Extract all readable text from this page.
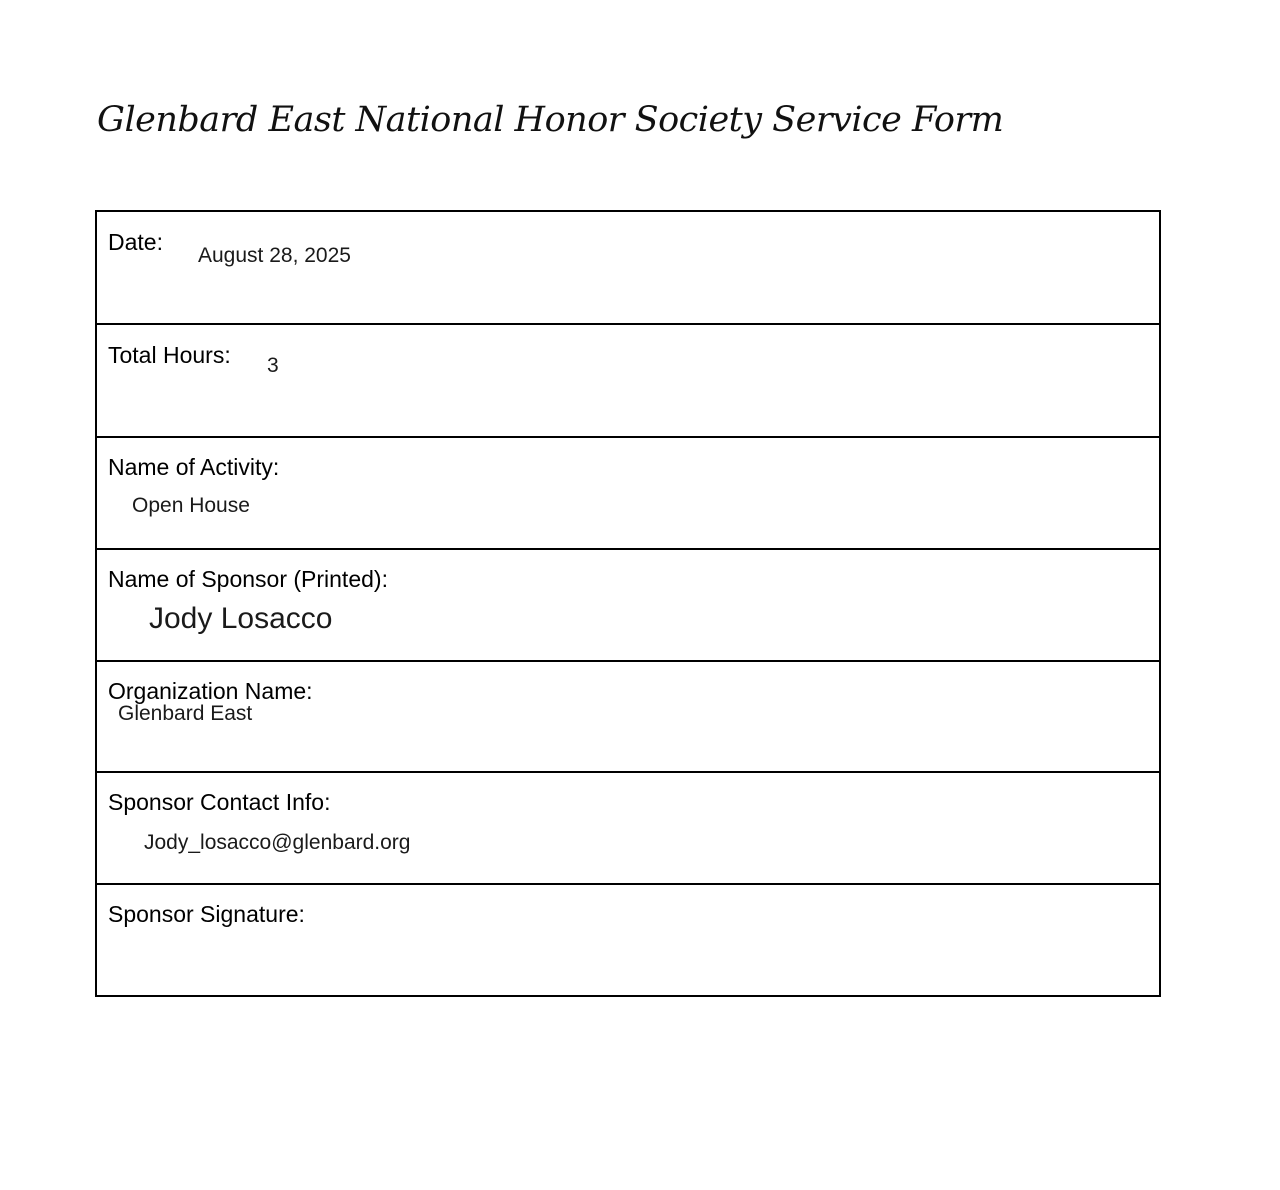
Glenbard East National Honor Society Service Form
Date:
August 28, 2025
Total Hours: 3
Name of Activity:
Open House
Name of Sponsor (Printed):
Jody Losacco
Organization Name:
Glenbard East
Sponsor Contact Info:
Jody_losacco@glenbard.org
Sponsor Signature:
